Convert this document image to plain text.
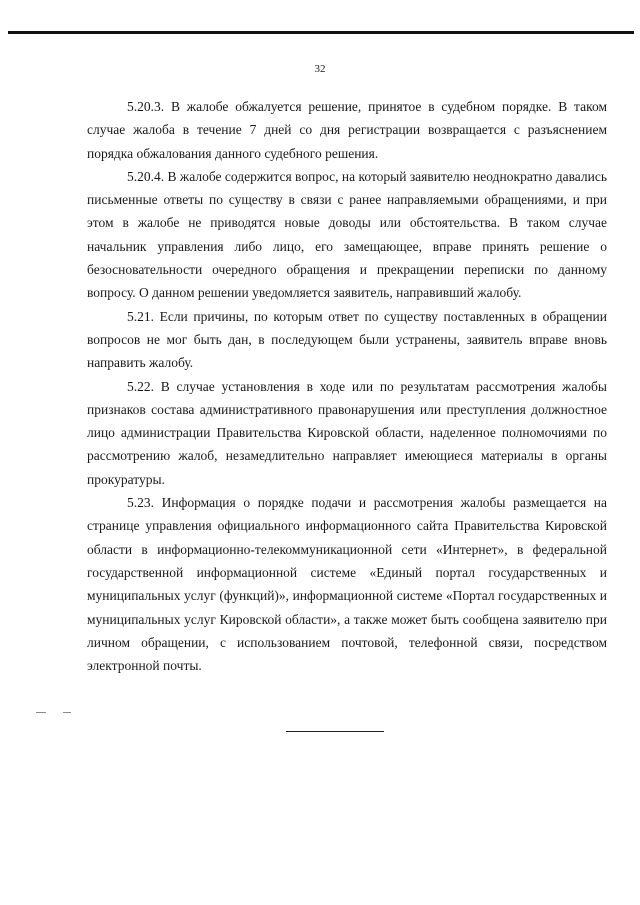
32

5.20.3. В жалобе обжалуется решение, принятое в судебном порядке. В таком случае жалоба в течение 7 дней со дня регистрации возвращается с разъяснением порядка обжалования данного судебного решения.

5.20.4. В жалобе содержится вопрос, на который заявителю неоднократно давались письменные ответы по существу в связи с ранее направляемыми обращениями, и при этом в жалобе не приводятся новые доводы или обстоятельства. В таком случае начальник управления либо лицо, его замещающее, вправе принять решение о безосновательности очередного обращения и прекращении переписки по данному вопросу. О данном решении уведомляется заявитель, направивший жалобу.

5.21. Если причины, по которым ответ по существу поставленных в обращении вопросов не мог быть дан, в последующем были устранены, заявитель вправе вновь направить жалобу.

5.22. В случае установления в ходе или по результатам рассмотрения жалобы признаков состава административного правонарушения или преступления должностное лицо администрации Правительства Кировской области, наделенное полномочиями по рассмотрению жалоб, незамедлительно направляет имеющиеся материалы в органы прокуратуры.

5.23. Информация о порядке подачи и рассмотрения жалобы размещается на странице управления официального информационного сайта Правительства Кировской области в информационно-телекоммуникационной сети «Интернет», в федеральной государственной информационной системе «Единый портал государственных и муниципальных услуг (функций)», информационной системе «Портал государственных и муниципальных услуг Кировской области», а также может быть сообщена заявителю при личном обращении, с использованием почтовой, телефонной связи, посредством электронной почты.
